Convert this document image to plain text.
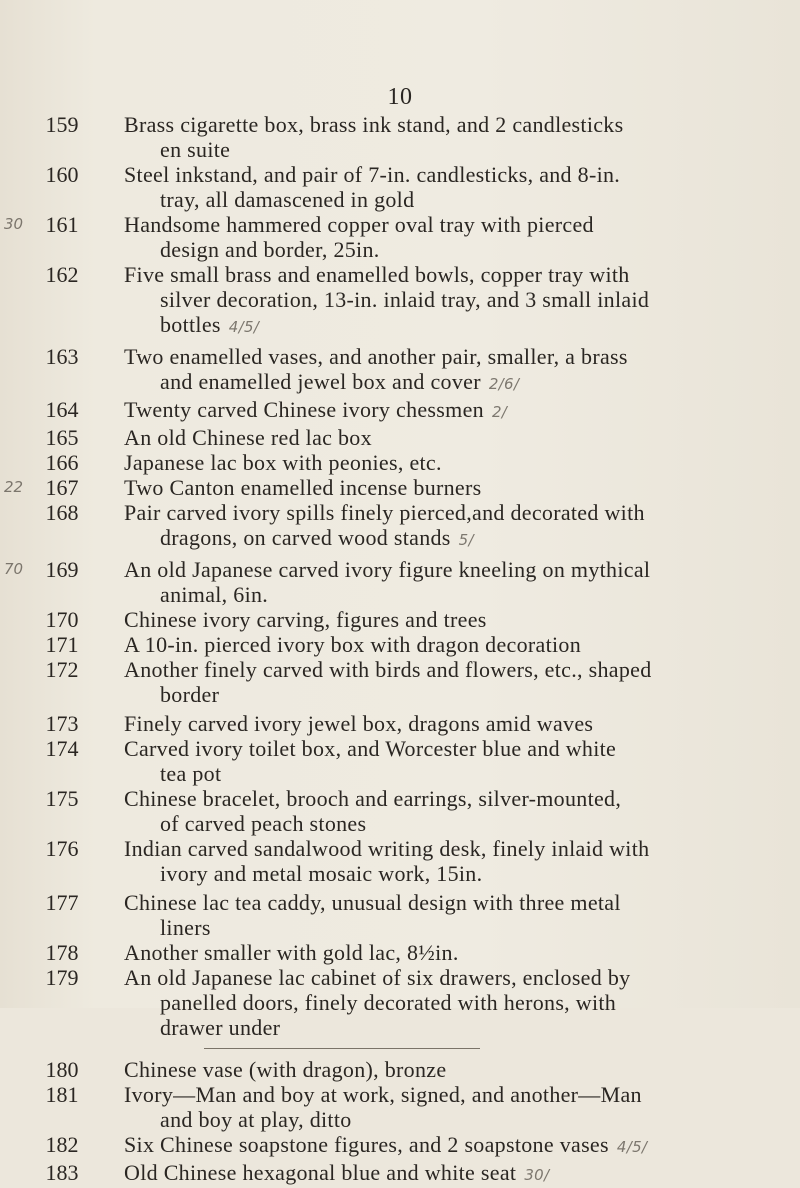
10
159	Brass cigarette box, brass ink stand, and 2 candlesticks
en suite
160	Steel inkstand, and pair of 7-in. candlesticks, and 8-in.
tray, all damascened in gold
30 161	Handsome hammered copper oval tray with pierced
design and border, 25in.
162	Five small brass and enamelled bowls, copper tray with
silver decoration, 13-in. inlaid tray, and 3 small inlaid
bottles 4/5/
163	Two enamelled vases, and another pair, smaller, a brass
and enamelled jewel box and cover 2/6/
164	Twenty carved Chinese ivory chessmen 2/
165	An old Chinese red lac box
166	Japanese lac box with peonies, etc.
22 167	Two Canton enamelled incense burners
168	Pair carved ivory spills finely pierced,and decorated with
dragons, on carved wood stands 5/
70 169	An old Japanese carved ivory figure kneeling on mythical
animal, 6in.
170	Chinese ivory carving, figures and trees
171	A 10-in. pierced ivory box with dragon decoration
172	Another finely carved with birds and flowers, etc., shaped
border
173	Finely carved ivory jewel box, dragons amid waves
174	Carved ivory toilet box, and Worcester blue and white
tea pot
175	Chinese bracelet, brooch and earrings, silver-mounted,
of carved peach stones
176	Indian carved sandalwood writing desk, finely inlaid with
ivory and metal mosaic work, 15in.
177	Chinese lac tea caddy, unusual design with three metal
liners
178	Another smaller with gold lac, 8½in.
179	An old Japanese lac cabinet of six drawers, enclosed by
panelled doors, finely decorated with herons, with
drawer under
180	Chinese vase (with dragon), bronze
181	Ivory—Man and boy at work, signed, and another—Man
and boy at play, ditto
182	Six Chinese soapstone figures, and 2 soapstone vases 4/5/
183	Old Chinese hexagonal blue and white seat 30/
